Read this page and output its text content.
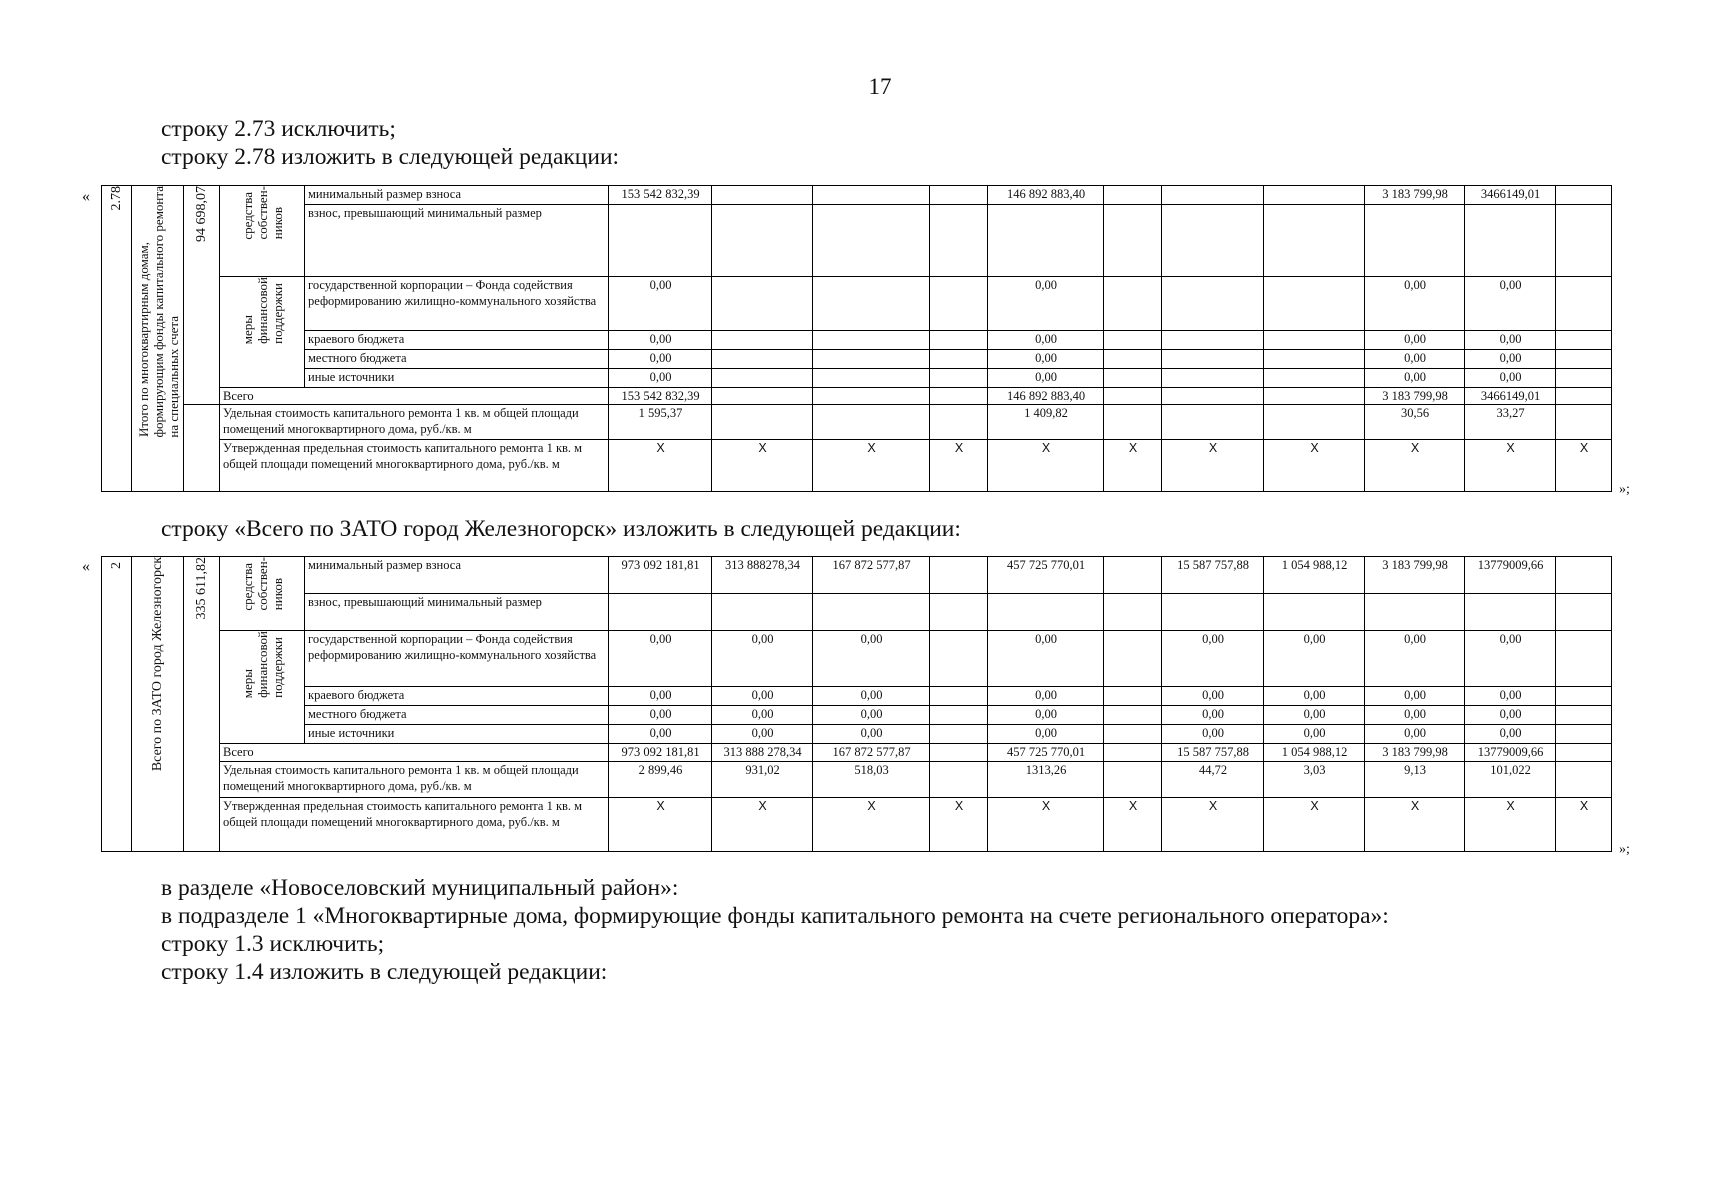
17
строку 2.73 исключить;
строку 2.78 изложить в следующей редакции:
« 2.78	Итого по многоквартирным домам,формирующим фонды капитального ремонтана специальных счета	94 698,07	средствасобствен-ников	минимальный размер взноса	153 542 832,39				146 892 883,40				3 183 799,98	3466149,01	
				взнос, превышающий минимальный размер											
			мерыфинансовойподдержки	государственной корпорации – Фонда содействия реформированию жилищно-коммунального хозяйства	0,00				0,00				0,00	0,00	
				краевого бюджета	0,00				0,00				0,00	0,00	
				местного бюджета	0,00				0,00				0,00	0,00	
				иные источники	0,00				0,00				0,00	0,00	
			Всего		153 542 832,39				146 892 883,40				3 183 799,98	3466149,01	
			Удельная стоимость капитального ремонта 1 кв. м общей площади помещений многоквартирного дома, руб./кв. м		1 595,37				1 409,82				30,56	33,27	
			Утвержденная предельная стоимость капитального ремонта 1 кв. м общей площади помещений многоквартирного дома, руб./кв. м		X	X	X	X	X	X	X	X	X	X	X
»;
строку «Всего по ЗАТО город Железногорск» изложить в следующей редакции:
« 2	Всего по ЗАТО город Железногорск	335 611,82	средствасобствен-ников	минимальный размер взноса	973 092 181,81	313 888278,34	167 872 577,87		457 725 770,01		15 587 757,88	1 054 988,12	3 183 799,98	13779009,66	
				взнос, превышающий минимальный размер											
			мерыфинансовойподдержки	государственной корпорации – Фонда содействия реформированию жилищно-коммунального хозяйства	0,00	0,00	0,00		0,00		0,00	0,00	0,00	0,00	
				краевого бюджета	0,00	0,00	0,00		0,00		0,00	0,00	0,00	0,00	
				местного бюджета	0,00	0,00	0,00		0,00		0,00	0,00	0,00	0,00	
				иные источники	0,00	0,00	0,00		0,00		0,00	0,00	0,00	0,00	
			Всего		973 092 181,81	313 888 278,34	167 872 577,87		457 725 770,01		15 587 757,88	1 054 988,12	3 183 799,98	13779009,66	
			Удельная стоимость капитального ремонта 1 кв. м общей площади помещений многоквартирного дома, руб./кв. м		2 899,46	931,02	518,03		1313,26		44,72	3,03	9,13	101,022	
			Утвержденная предельная стоимость капитального ремонта 1 кв. м общей площади помещений многоквартирного дома, руб./кв. м		X	X	X	X	X	X	X	X	X	X	X
»;
в разделе «Новоселовский муниципальный район»:
в подразделе 1 «Многоквартирные дома, формирующие фонды капитального ремонта на счете регионального оператора»:
строку 1.3 исключить;
строку 1.4 изложить в следующей редакции:
